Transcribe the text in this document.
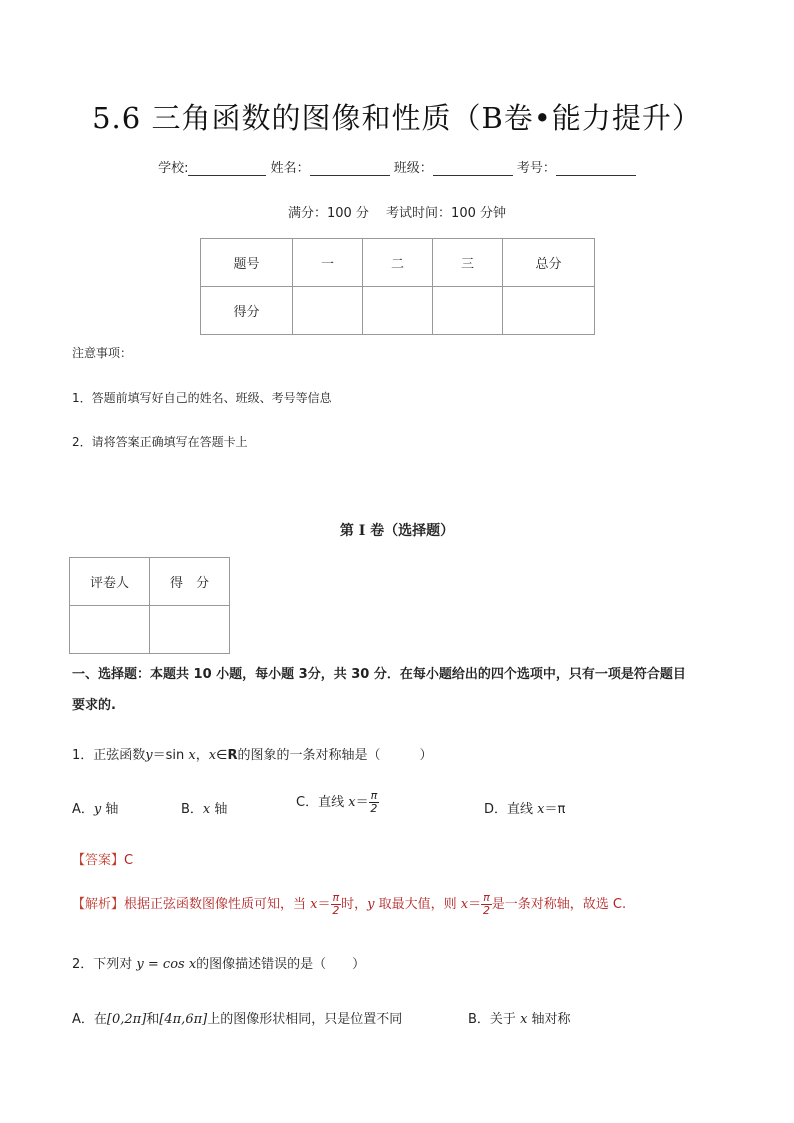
5.6 三角函数的图像和性质（B卷•能力提升）
学校:	姓名：	班级：	考号：
满分：100 分　 考试时间：100 分钟
题号	一	二	三	总分
得分				
注意事项：
1．答题前填写好自己的姓名、班级、考号等信息
2．请将答案正确填写在答题卡上
第 I 卷（选择题）
评卷人	得　分

一、选择题：本题共 10 小题，每小题 3分，共 30 分．在每小题给出的四个选项中，只有一项是符合题目
要求的.
1．正弦函数y＝sin x，x∈R的图象的一条对称轴是（　　　）
A．y 轴	B．x 轴	C．直线 $x= \frac{\pi}{2}$	D．直线 x＝π
【答案】C
【解析】根据正弦函数图像性质可知，当 $x= \frac{\pi}{2}$ 时，y 取最大值，则 $x= \frac{\pi}{2}$ 是一条对称轴，故选 C.
2．下列对 y = cos x的图像描述错误的是（　　）
A．在[0,2π]和[4π,6π]上的图像形状相同，只是位置不同	B．关于 x 轴对称
